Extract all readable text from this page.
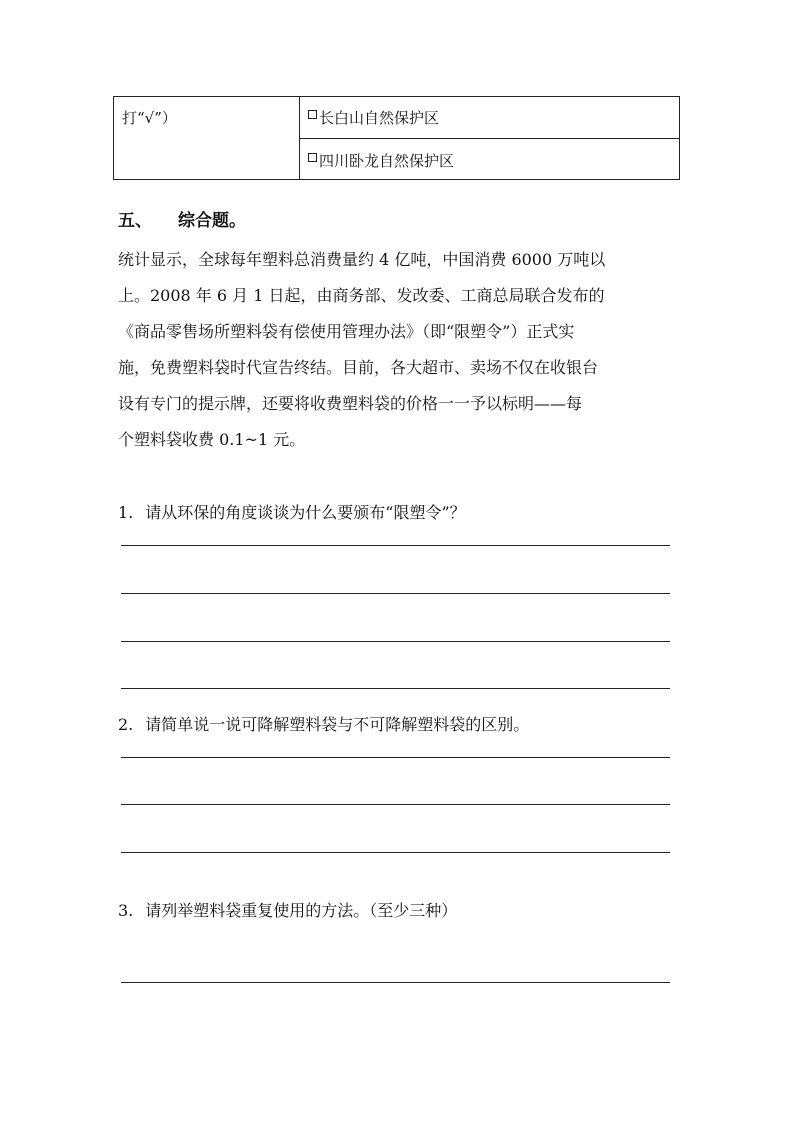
打“√”）	长白山自然保护区
四川卧龙自然保护区
五、 综合题。
统计显示，全球每年塑料总消费量约 4 亿吨，中国消费 6000 万吨以
上。2008 年 6 月 1 日起，由商务部、发改委、工商总局联合发布的
《商品零售场所塑料袋有偿使用管理办法》（即“限塑令”）正式实
施，免费塑料袋时代宣告终结。目前，各大超市、卖场不仅在收银台
设有专门的提示牌，还要将收费塑料袋的价格一一予以标明——每
个塑料袋收费 0.1~1 元。
1. 请从环保的角度谈谈为什么要颁布“限塑令”？
2. 请简单说一说可降解塑料袋与不可降解塑料袋的区别。
3. 请列举塑料袋重复使用的方法。（至少三种）
